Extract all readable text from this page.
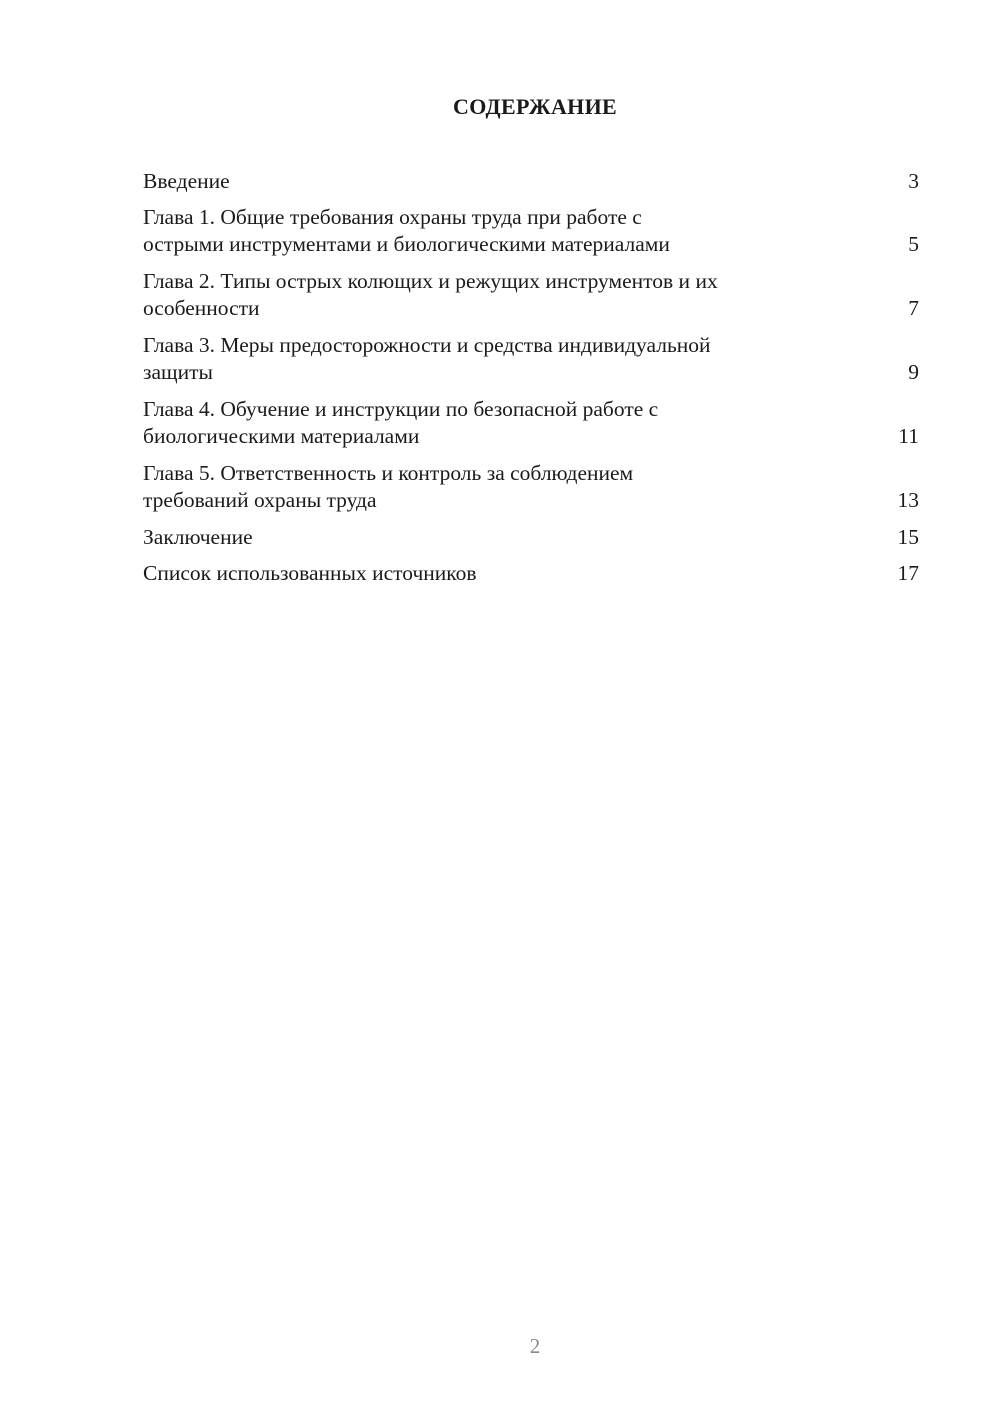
СОДЕРЖАНИЕ
Введение	3
Глава 1. Общие требования охраны труда при работе с
острыми инструментами и биологическими материалами	5
Глава 2. Типы острых колющих и режущих инструментов и их
особенности	7
Глава 3. Меры предосторожности и средства индивидуальной
защиты	9
Глава 4. Обучение и инструкции по безопасной работе с
биологическими материалами	11
Глава 5. Ответственность и контроль за соблюдением
требований охраны труда	13
Заключение	15
Список использованных источников	17
2
